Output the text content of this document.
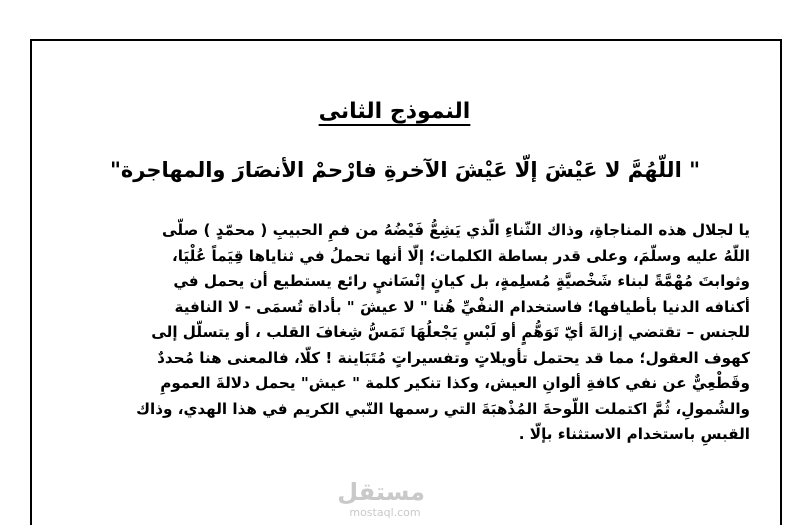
النموذج الثانى
" اللّهُمَّ لا عَيْشَ إلّا عَيْشَ الآخرةِ فارْحمْ الأنصَارَ والمهاجرة"
يا لجلال هذه المناجاةِ، وذاك الثّناءِ الّذي يَشِعُّ فَيْضُهُ من فمِ الحبيبِ ( محمّدٍ ) صلّى
اللّهُ عليه وسلّمَ، وعلى قدر بساطة الكلمات؛ إلّا أنها تحملُ في ثناياها قِيَماً عُلْيَا،
وثوابتَ مُهْمَّةً لبناء شَخْصيَّةٍ مُسلِمةٍ، بل كيانٍ إنْسَانيٍ رائع يستطيع أن يحمل في
أكنافه الدنيا بأطيافها؛ فاستخدام النفْيِّ هُنا " لا عيشَ " بأداة تُسمَى - لا النافية
للجنس – تقتضي إزالةَ أيّ تَوَهُّمٍ أو لَبْسٍ يَجْعلُهَا تَمَسُّ شِغافَ القلب ، أو يتسلّل إلى
كهوف العقول؛ مما قد يحتمل تأويلاتٍ وتفسيراتٍ مُتَبَاينة ! كلّا، فالمعنى هنا مُحددٌ
وقَطْعِيٌّ عن نفي كافةِ ألوانِ العيش، وكذا تنكير كلمة " عيش" يحمل دلالةَ العمومِ
والشُمولِ، ثُمَّ اكتملت اللّوحةَ المُذْهبَةَ التي رسمها النّبي الكريم في هذا الهدي، وذاك
القبسِ باستخدام الاستثناء بإلّا .
مستقل
mostaql.com
